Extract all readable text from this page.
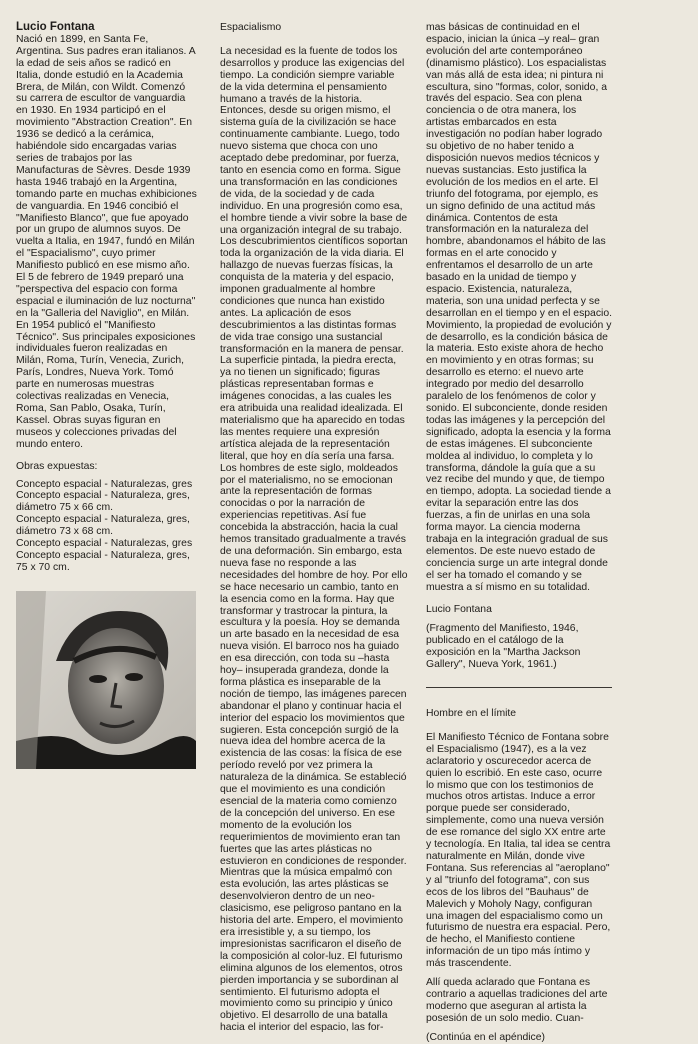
Lucio Fontana

Nació en 1899, en Santa Fe, Argentina. Sus padres eran italianos. A la edad de seis años se radicó en Italia, donde estudió en la Academia Brera, de Milán, con Wildt. Comenzó su carrera de escultor de vanguardia en 1930. En 1934 participó en el movimiento "Abstraction Creation". En 1936 se dedicó a la cerámica, habiéndole sido encargadas varias series de trabajos por las Manufacturas de Sèvres. Desde 1939 hasta 1946 trabajó en la Argentina, tomando parte en muchas exhibiciones de vanguardia. En 1946 concibió el "Manifiesto Blanco", que fue apoyado por un grupo de alumnos suyos. De vuelta a Italia, en 1947, fundó en Milán el "Espacialismo", cuyo primer Manifiesto publicó en ese mismo año. El 5 de febrero de 1949 preparó una "perspectiva del espacio con forma espacial e iluminación de luz nocturna" en la "Galleria del Naviglio", en Milán. En 1954 publicó el "Manifiesto Técnico". Sus principales exposiciones individuales fueron realizadas en Milán, Roma, Turín, Venecia, Zurich, París, Londres, Nueva York. Tomó parte en numerosas muestras colectivas realizadas en Venecia, Roma, San Pablo, Osaka, Turín, Kassel. Obras suyas figuran en museos y colecciones privadas del mundo entero.

Obras expuestas:
Concepto espacial - Naturalezas, gres
Concepto espacial - Naturaleza, gres, diámetro 75 x 66 cm.
Concepto espacial - Naturaleza, gres, diámetro 73 x 68 cm.
Concepto espacial - Naturalezas, gres
Concepto espacial - Naturaleza, gres, 75 x 70 cm.
Espacialismo

La necesidad es la fuente de todos los desarrollos y produce las exigencias del tiempo. La condición siempre variable de la vida determina el pensamiento humano a través de la historia. Entonces, desde su origen mismo, el sistema guía de la civilización se hace continuamente cambiante. Luego, todo nuevo sistema que choca con uno aceptado debe predominar, por fuerza, tanto en esencia como en forma. Sigue una transformación en las condiciones de vida, de la sociedad y de cada individuo. En una progresión como esa, el hombre tiende a vivir sobre la base de una organización integral de su trabajo. Los descubrimientos científicos soportan toda la organización de la vida diaria. El hallazgo de nuevas fuerzas físicas, la conquista de la materia y del espacio, imponen gradualmente al hombre condiciones que nunca han existido antes. La aplicación de esos descubrimientos a las distintas formas de vida trae consigo una sustancial transformación en la manera de pensar. La superficie pintada, la piedra erecta, ya no tienen un significado; figuras plásticas representaban formas e imágenes conocidas, a las cuales les era atribuida una realidad idealizada. El materialismo que ha aparecido en todas las mentes requiere una expresión artística alejada de la representación literal, que hoy en día sería una farsa. Los hombres de este siglo, moldeados por el materialismo, no se emocionan ante la representación de formas conocidas o por la narración de experiencias repetitivas. Así fue concebida la abstracción, hacia la cual hemos transitado gradualmente a través de una deformación. Sin embargo, esta nueva fase no responde a las necesidades del hombre de hoy. Por ello se hace necesario un cambio, tanto en la esencia como en la forma. Hay que transformar y trastrocar la pintura, la escultura y la poesía. Hoy se demanda un arte basado en la necesidad de esa nueva visión. El barroco nos ha guiado en esa dirección, con toda su –hasta hoy– insuperada grandeza, donde la forma plástica es inseparable de la noción de tiempo, las imágenes parecen abandonar el plano y continuar hacia el interior del espacio los movimientos que sugieren. Esta concepción surgió de la nueva idea del hombre acerca de la existencia de las cosas: la física de ese período reveló por vez primera la naturaleza de la dinámica. Se estableció que el movimiento es una condición esencial de la materia como comienzo de la concepción del universo. En ese momento de la evolución los requerimientos de movimiento eran tan fuertes que las artes plásticas no estuvieron en condiciones de responder. Mientras que la música empalmó con esta evolución, las artes plásticas se desenvolvieron dentro de un neo-clasicismo, ese peligroso pantano en la historia del arte. Empero, el movimiento era irresistible y, a su tiempo, los impresionistas sacrificaron el diseño de la composición al color-luz. El futurismo elimina algunos de los elementos, otros pierden importancia y se subordinan al sentimiento. El futurismo adopta el movimiento como su principio y único objetivo. El desarrollo de una batalla hacia el interior del espacio, las for-

mas básicas de continuidad en el espacio, inician la única –y real– gran evolución del arte contemporáneo (dinamismo plástico). Los espacialistas van más allá de esta idea; ni pintura ni escultura, sino "formas, color, sonido, a través del espacio. Sea con plena conciencia o de otra manera, los artistas embarcados en esta investigación no podían haber logrado su objetivo de no haber tenido a disposición nuevos medios técnicos y nuevas sustancias. Esto justifica la evolución de los medios en el arte. El triunfo del fotograma, por ejemplo, es un signo definido de una actitud más dinámica. Contentos de esta transformación en la naturaleza del hombre, abandonamos el hábito de las formas en el arte conocido y enfrentamos el desarrollo de un arte basado en la unidad de tiempo y espacio. Existencia, naturaleza, materia, son una unidad perfecta y se desarrollan en el tiempo y en el espacio. Movimiento, la propiedad de evolución y de desarrollo, es la condición básica de la materia. Esto existe ahora de hecho en movimiento y en otras formas; su desarrollo es eterno: el nuevo arte integrado por medio del desarrollo paralelo de los fenómenos de color y sonido. El subconciente, donde residen todas las imágenes y la percepción del significado, adopta la esencia y la forma de estas imágenes. El subconciente moldea al individuo, lo completa y lo transforma, dándole la guía que a su vez recibe del mundo y que, de tiempo en tiempo, adopta. La sociedad tiende a evitar la separación entre las dos fuerzas, a fin de unirlas en una sola forma mayor. La ciencia moderna trabaja en la integración gradual de sus elementos. De este nuevo estado de conciencia surge un arte integral donde el ser ha tomado el comando y se muestra a sí mismo en su totalidad.

Lucio Fontana
(Fragmento del Manifiesto, 1946, publicado en el catálogo de la exposición en la "Martha Jackson Gallery", Nueva York, 1961.)
Hombre en el límite

El Manifiesto Técnico de Fontana sobre el Espacialismo (1947), es a la vez aclaratorio y oscurecedor acerca de quien lo escribió. En este caso, ocurre lo mismo que con los testimonios de muchos otros artistas. Induce a error porque puede ser considerado, simplemente, como una nueva versión de ese romance del siglo XX entre arte y tecnología. En Italia, tal idea se centra naturalmente en Milán, donde vive Fontana. Sus referencias al "aeroplano" y al "triunfo del fotograma", con sus ecos de los libros del "Bauhaus" de Malevich y Moholy Nagy, configuran una imagen del espacialismo como un futurismo de nuestra era espacial. Pero, de hecho, el Manifiesto contiene información de un tipo más íntimo y más trascendente.

Allí queda aclarado que Fontana es contrario a aquellas tradiciones del arte moderno que aseguran al artista la posesión de un solo medio. Cuan-

(Continúa en el apéndice)
